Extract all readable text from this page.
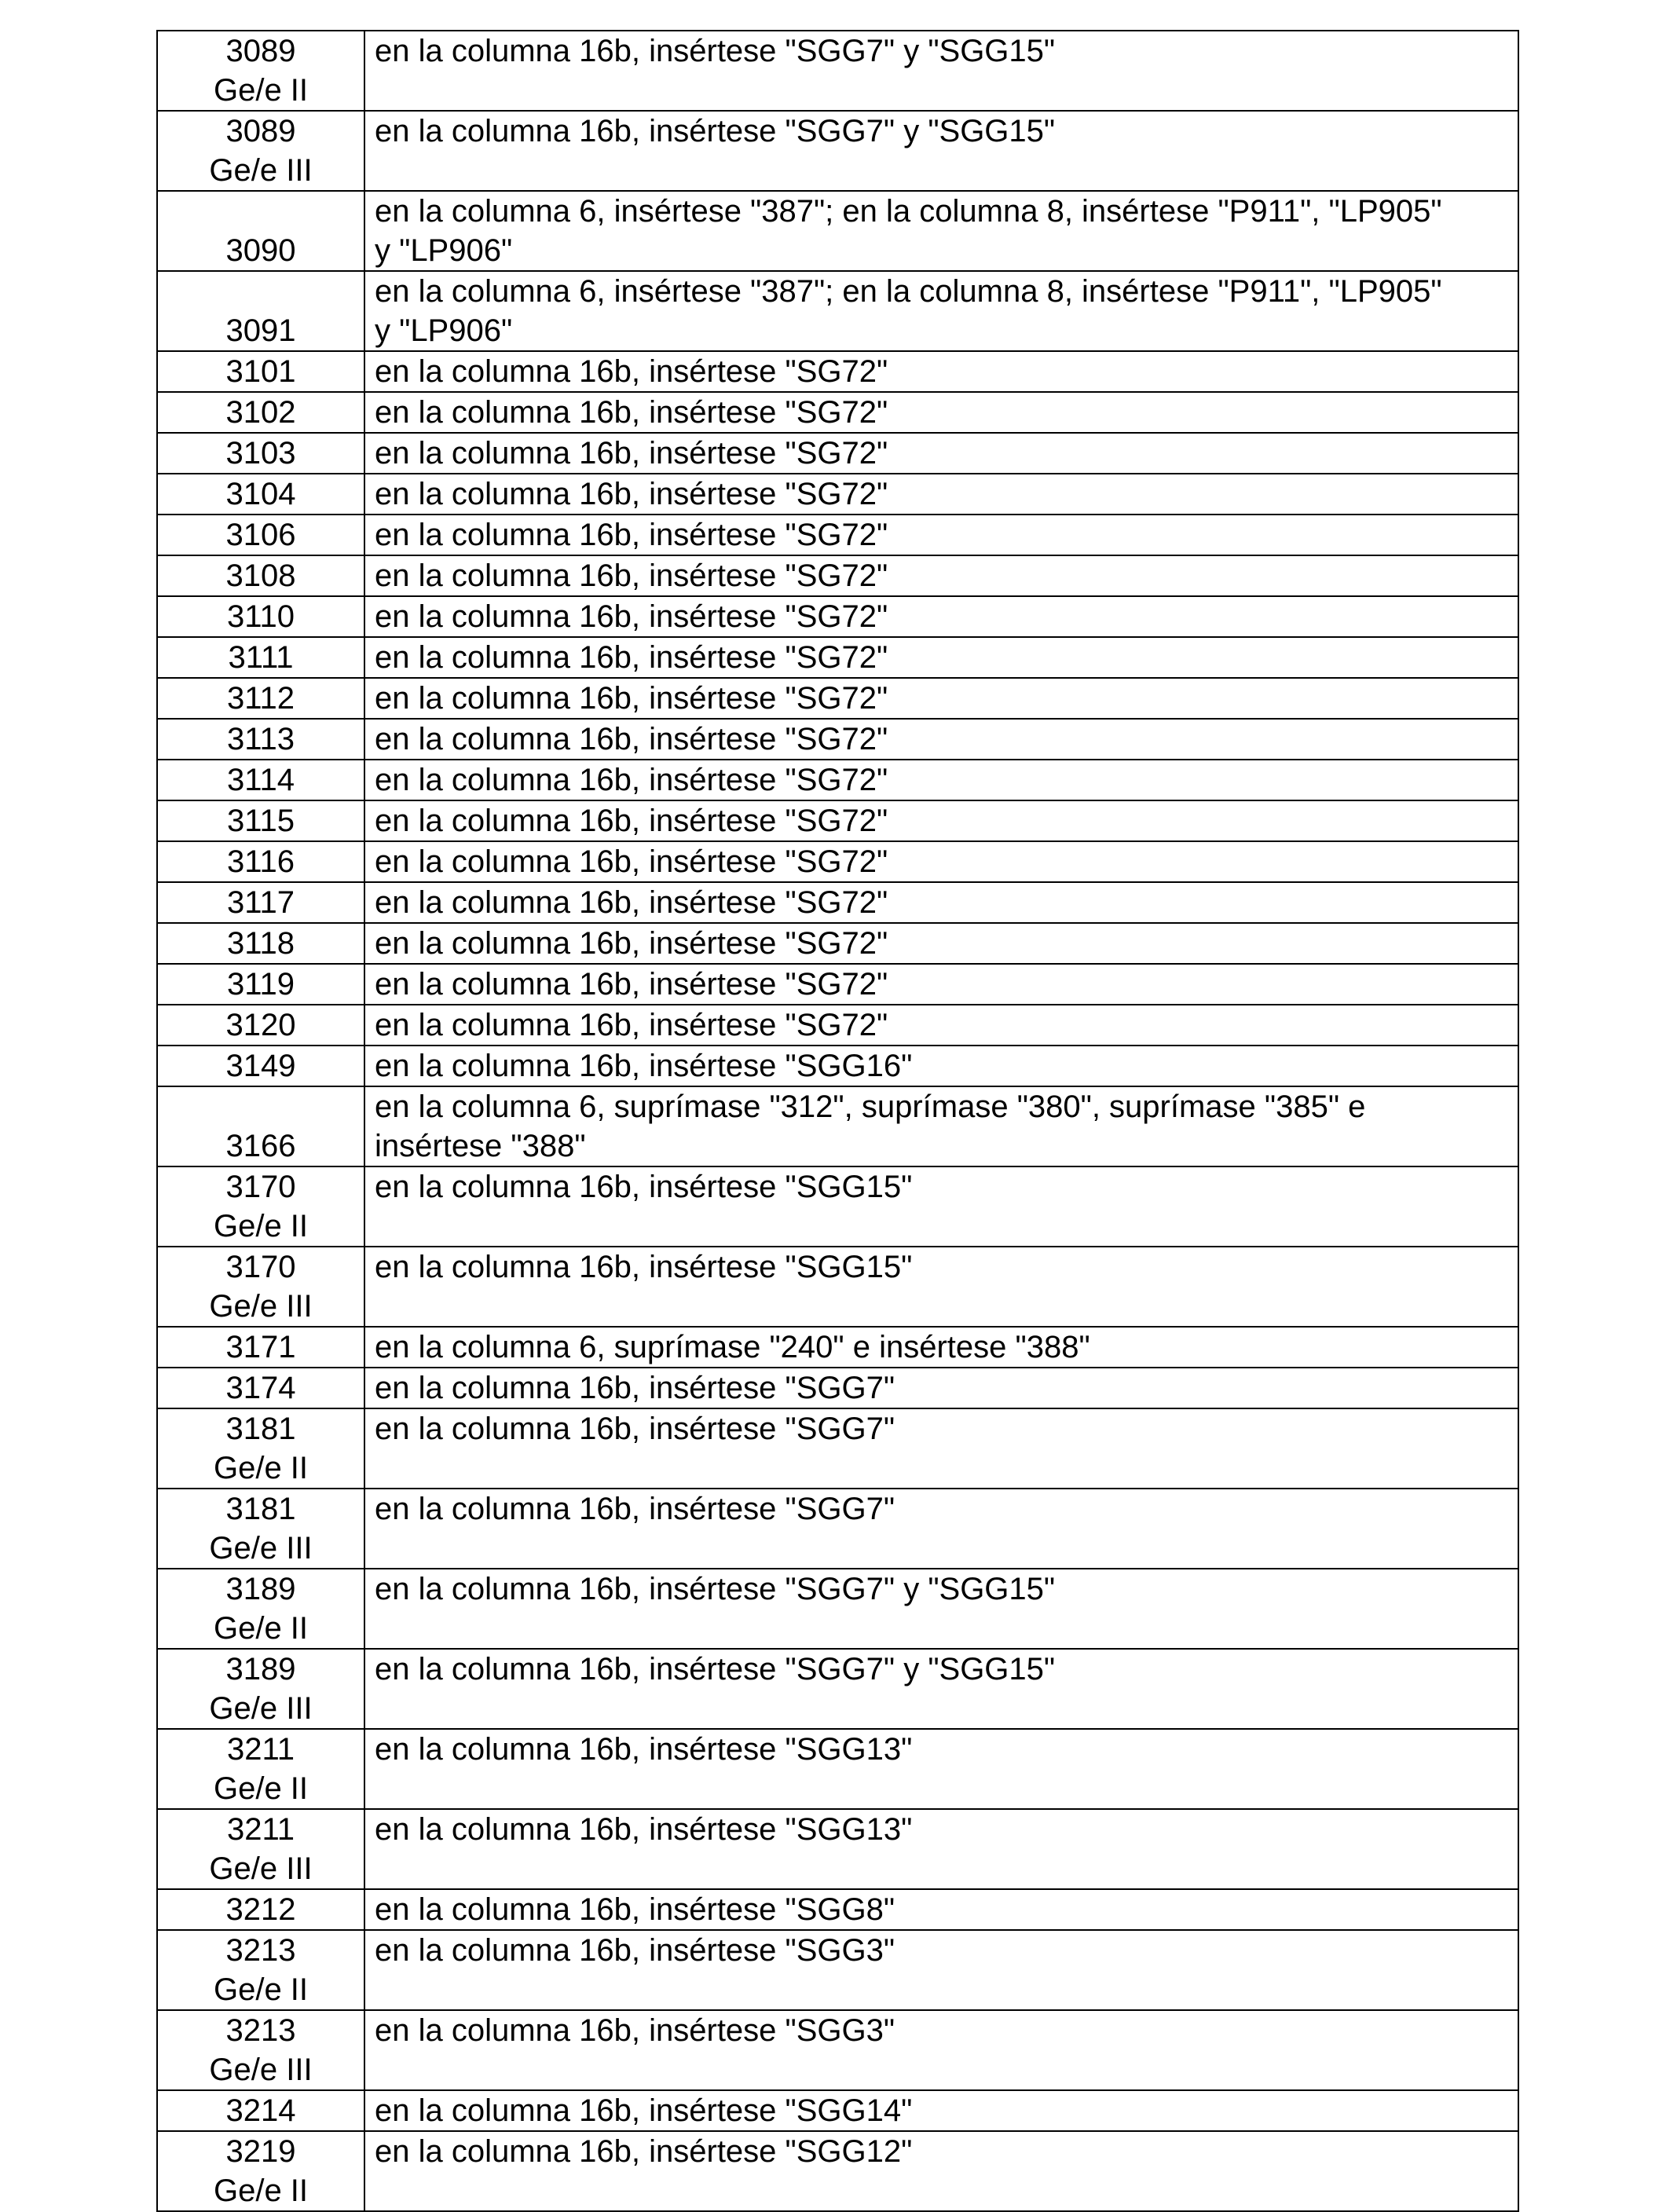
3089
Ge/e II	en la columna 16b, insértese "SGG7" y "SGG15"
3089
Ge/e III	en la columna 16b, insértese "SGG7" y "SGG15"
3090	en la columna 6, insértese "387"; en la columna 8, insértese "P911", "LP905"
y "LP906"
3091	en la columna 6, insértese "387"; en la columna 8, insértese "P911", "LP905"
y "LP906"
3101	en la columna 16b, insértese "SG72"
3102	en la columna 16b, insértese "SG72"
3103	en la columna 16b, insértese "SG72"
3104	en la columna 16b, insértese "SG72"
3106	en la columna 16b, insértese "SG72"
3108	en la columna 16b, insértese "SG72"
3110	en la columna 16b, insértese "SG72"
3111	en la columna 16b, insértese "SG72"
3112	en la columna 16b, insértese "SG72"
3113	en la columna 16b, insértese "SG72"
3114	en la columna 16b, insértese "SG72"
3115	en la columna 16b, insértese "SG72"
3116	en la columna 16b, insértese "SG72"
3117	en la columna 16b, insértese "SG72"
3118	en la columna 16b, insértese "SG72"
3119	en la columna 16b, insértese "SG72"
3120	en la columna 16b, insértese "SG72"
3149	en la columna 16b, insértese "SGG16"
3166	en la columna 6, suprímase "312", suprímase "380", suprímase "385" e
insértese "388"
3170
Ge/e II	en la columna 16b, insértese "SGG15"
3170
Ge/e III	en la columna 16b, insértese "SGG15"
3171	en la columna 6, suprímase "240" e insértese "388"
3174	en la columna 16b, insértese "SGG7"
3181
Ge/e II	en la columna 16b, insértese "SGG7"
3181
Ge/e III	en la columna 16b, insértese "SGG7"
3189
Ge/e II	en la columna 16b, insértese "SGG7" y "SGG15"
3189
Ge/e III	en la columna 16b, insértese "SGG7" y "SGG15"
3211
Ge/e II	en la columna 16b, insértese "SGG13"
3211
Ge/e III	en la columna 16b, insértese "SGG13"
3212	en la columna 16b, insértese "SGG8"
3213
Ge/e II	en la columna 16b, insértese "SGG3"
3213
Ge/e III	en la columna 16b, insértese "SGG3"
3214	en la columna 16b, insértese "SGG14"
3219
Ge/e II	en la columna 16b, insértese "SGG12"
